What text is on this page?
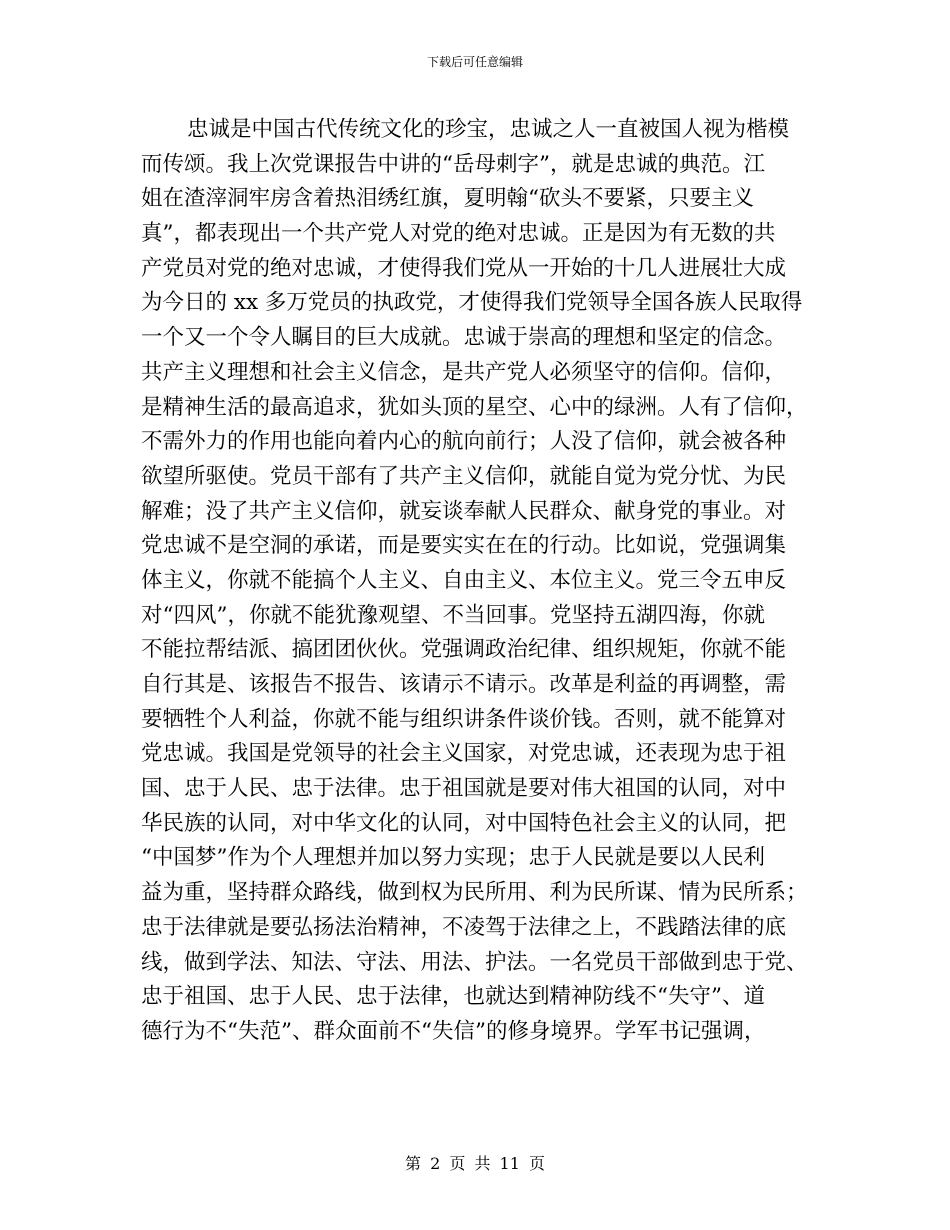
下载后可任意编辑
忠诚是中国古代传统文化的珍宝，忠诚之人一直被国人视为楷模
而传颂。我上次党课报告中讲的“岳母刺字”，就是忠诚的典范。江
姐在渣滓洞牢房含着热泪绣红旗，夏明翰“砍头不要紧，只要主义
真”，都表现出一个共产党人对党的绝对忠诚。正是因为有无数的共
产党员对党的绝对忠诚，才使得我们党从一开始的十几人进展壮大成
为今日的 xx 多万党员的执政党，才使得我们党领导全国各族人民取得
一个又一个令人瞩目的巨大成就。忠诚于崇高的理想和坚定的信念。
共产主义理想和社会主义信念，是共产党人必须坚守的信仰。信仰，
是精神生活的最高追求，犹如头顶的星空、心中的绿洲。人有了信仰，
不需外力的作用也能向着内心的航向前行；人没了信仰，就会被各种
欲望所驱使。党员干部有了共产主义信仰，就能自觉为党分忧、为民
解难；没了共产主义信仰，就妄谈奉献人民群众、献身党的事业。对
党忠诚不是空洞的承诺，而是要实实在在的行动。比如说，党强调集
体主义，你就不能搞个人主义、自由主义、本位主义。党三令五申反
对“四风”，你就不能犹豫观望、不当回事。党坚持五湖四海，你就
不能拉帮结派、搞团团伙伙。党强调政治纪律、组织规矩，你就不能
自行其是、该报告不报告、该请示不请示。改革是利益的再调整，需
要牺牲个人利益，你就不能与组织讲条件谈价钱。否则，就不能算对
党忠诚。我国是党领导的社会主义国家，对党忠诚，还表现为忠于祖
国、忠于人民、忠于法律。忠于祖国就是要对伟大祖国的认同，对中
华民族的认同，对中华文化的认同，对中国特色社会主义的认同，把
“中国梦”作为个人理想并加以努力实现；忠于人民就是要以人民利
益为重，坚持群众路线，做到权为民所用、利为民所谋、情为民所系；
忠于法律就是要弘扬法治精神，不凌驾于法律之上，不践踏法律的底
线，做到学法、知法、守法、用法、护法。一名党员干部做到忠于党、
忠于祖国、忠于人民、忠于法律，也就达到精神防线不“失守”、道
德行为不“失范”、群众面前不“失信”的修身境界。学军书记强调，
第 2 页 共 11 页
